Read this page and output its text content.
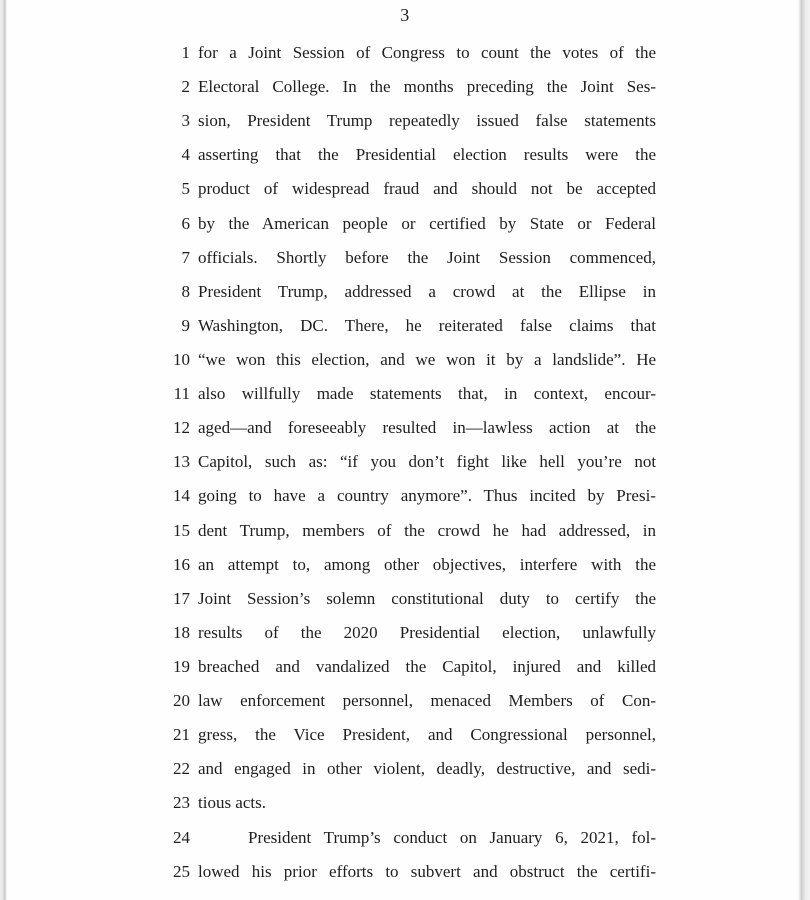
3
1 for a Joint Session of Congress to count the votes of the
2 Electoral College. In the months preceding the Joint Ses-
3 sion, President Trump repeatedly issued false statements
4 asserting that the Presidential election results were the
5 product of widespread fraud and should not be accepted
6 by the American people or certified by State or Federal
7 officials. Shortly before the Joint Session commenced,
8 President Trump, addressed a crowd at the Ellipse in
9 Washington, DC. There, he reiterated false claims that
10 “we won this election, and we won it by a landslide”. He
11 also willfully made statements that, in context, encour-
12 aged—and foreseeably resulted in—lawless action at the
13 Capitol, such as: “if you don’t fight like hell you’re not
14 going to have a country anymore”. Thus incited by Presi-
15 dent Trump, members of the crowd he had addressed, in
16 an attempt to, among other objectives, interfere with the
17 Joint Session’s solemn constitutional duty to certify the
18 results of the 2020 Presidential election, unlawfully
19 breached and vandalized the Capitol, injured and killed
20 law enforcement personnel, menaced Members of Con-
21 gress, the Vice President, and Congressional personnel,
22 and engaged in other violent, deadly, destructive, and sedi-
23 tious acts.
24	President Trump’s conduct on January 6, 2021, fol-
25 lowed his prior efforts to subvert and obstruct the certifi-
